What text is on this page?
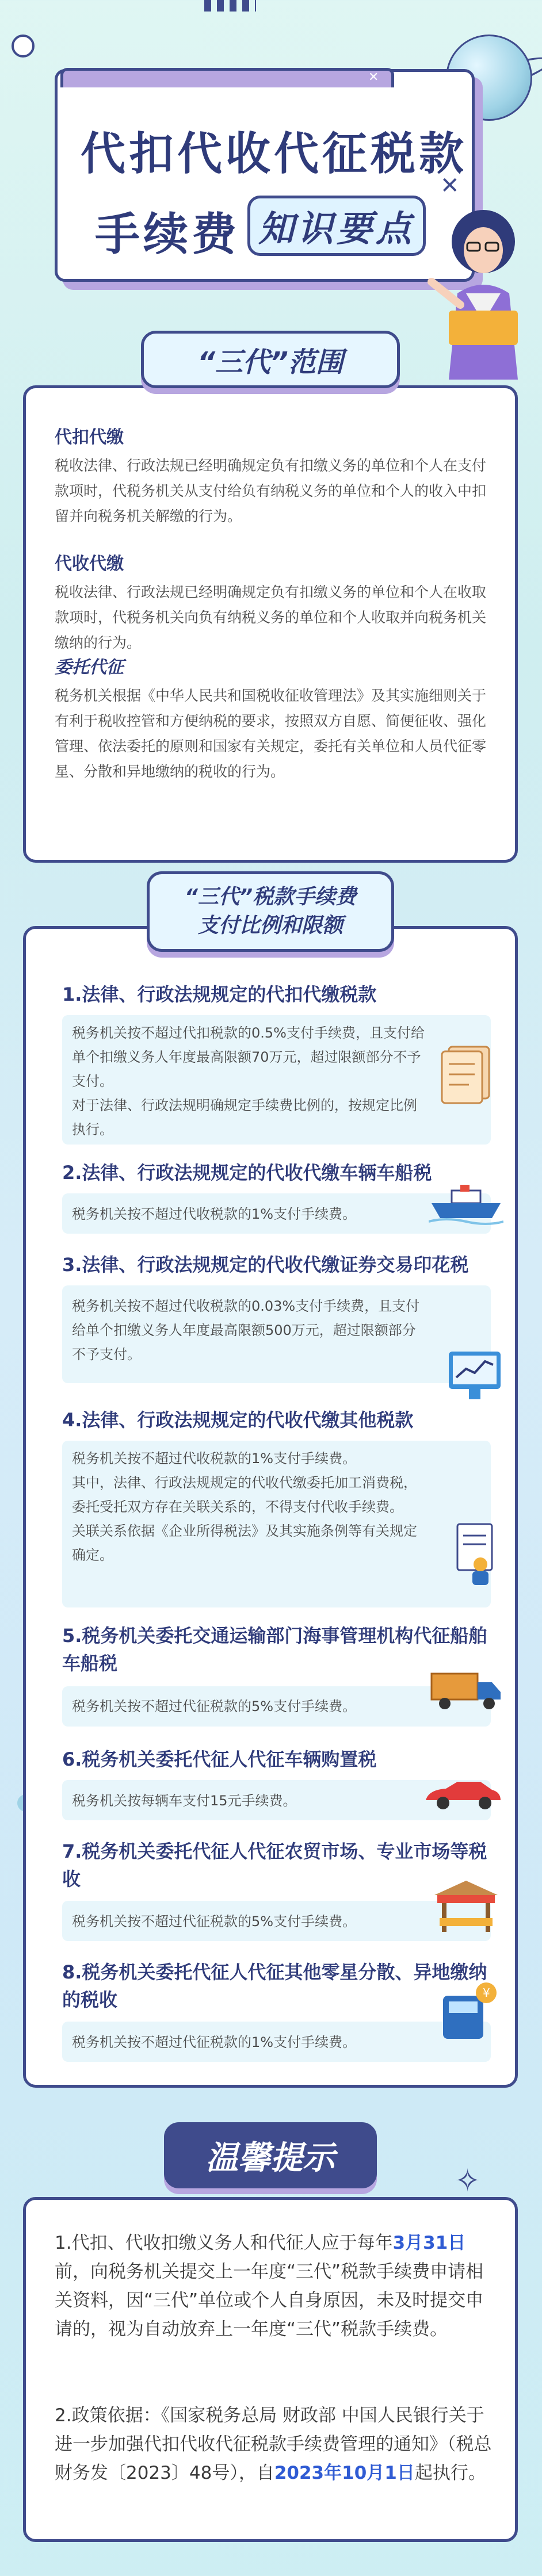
✕
代扣代收代征税款
手续费 知识要点
✕
“三代”范围
代扣代缴
税收法律、行政法规已经明确规定负有扣缴义务的单位和个人在支付款项时，代税务机关从支付给负有纳税义务的单位和个人的收入中扣留并向税务机关解缴的行为。
代收代缴
税收法律、行政法规已经明确规定负有扣缴义务的单位和个人在收取款项时，代税务机关向负有纳税义务的单位和个人收取并向税务机关缴纳的行为。
委托代征
税务机关根据《中华人民共和国税收征收管理法》及其实施细则关于有利于税收控管和方便纳税的要求，按照双方自愿、简便征收、强化管理、依法委托的原则和国家有关规定，委托有关单位和人员代征零星、分散和异地缴纳的税收的行为。
“三代”税款手续费
支付比例和限额
1.法律、行政法规规定的代扣代缴税款
税务机关按不超过代扣税款的0.5%支付手续费，且支付给单个扣缴义务人年度最高限额70万元，超过限额部分不予支付。
对于法律、行政法规明确规定手续费比例的，按规定比例执行。
2.法律、行政法规规定的代收代缴车辆车船税
税务机关按不超过代收税款的1%支付手续费。
3.法律、行政法规规定的代收代缴证券交易印花税
税务机关按不超过代收税款的0.03%支付手续费，且支付给单个扣缴义务人年度最高限额500万元，超过限额部分不予支付。
4.法律、行政法规规定的代收代缴其他税款
税务机关按不超过代收税款的1%支付手续费。
其中，法律、行政法规规定的代收代缴委托加工消费税，委托受托双方存在关联关系的，不得支付代收手续费。
关联关系依据《企业所得税法》及其实施条例等有关规定确定。
5.税务机关委托交通运输部门海事管理机构代征船舶车船税
税务机关按不超过代征税款的5%支付手续费。
6.税务机关委托代征人代征车辆购置税
税务机关按每辆车支付15元手续费。
7.税务机关委托代征人代征农贸市场、专业市场等税收
税务机关按不超过代征税款的5%支付手续费。
8.税务机关委托代征人代征其他零星分散、异地缴纳的税收
税务机关按不超过代征税款的1%支付手续费。
¥
温馨提示
✧
1.代扣、代收扣缴义务人和代征人应于每年3月31日前，向税务机关提交上一年度“三代”税款手续费申请相关资料，因“三代”单位或个人自身原因，未及时提交申请的，视为自动放弃上一年度“三代”税款手续费。
2.政策依据：《国家税务总局 财政部 中国人民银行关于进一步加强代扣代收代征税款手续费管理的通知》（税总财务发〔2023〕48号），自2023年10月1日起执行。
